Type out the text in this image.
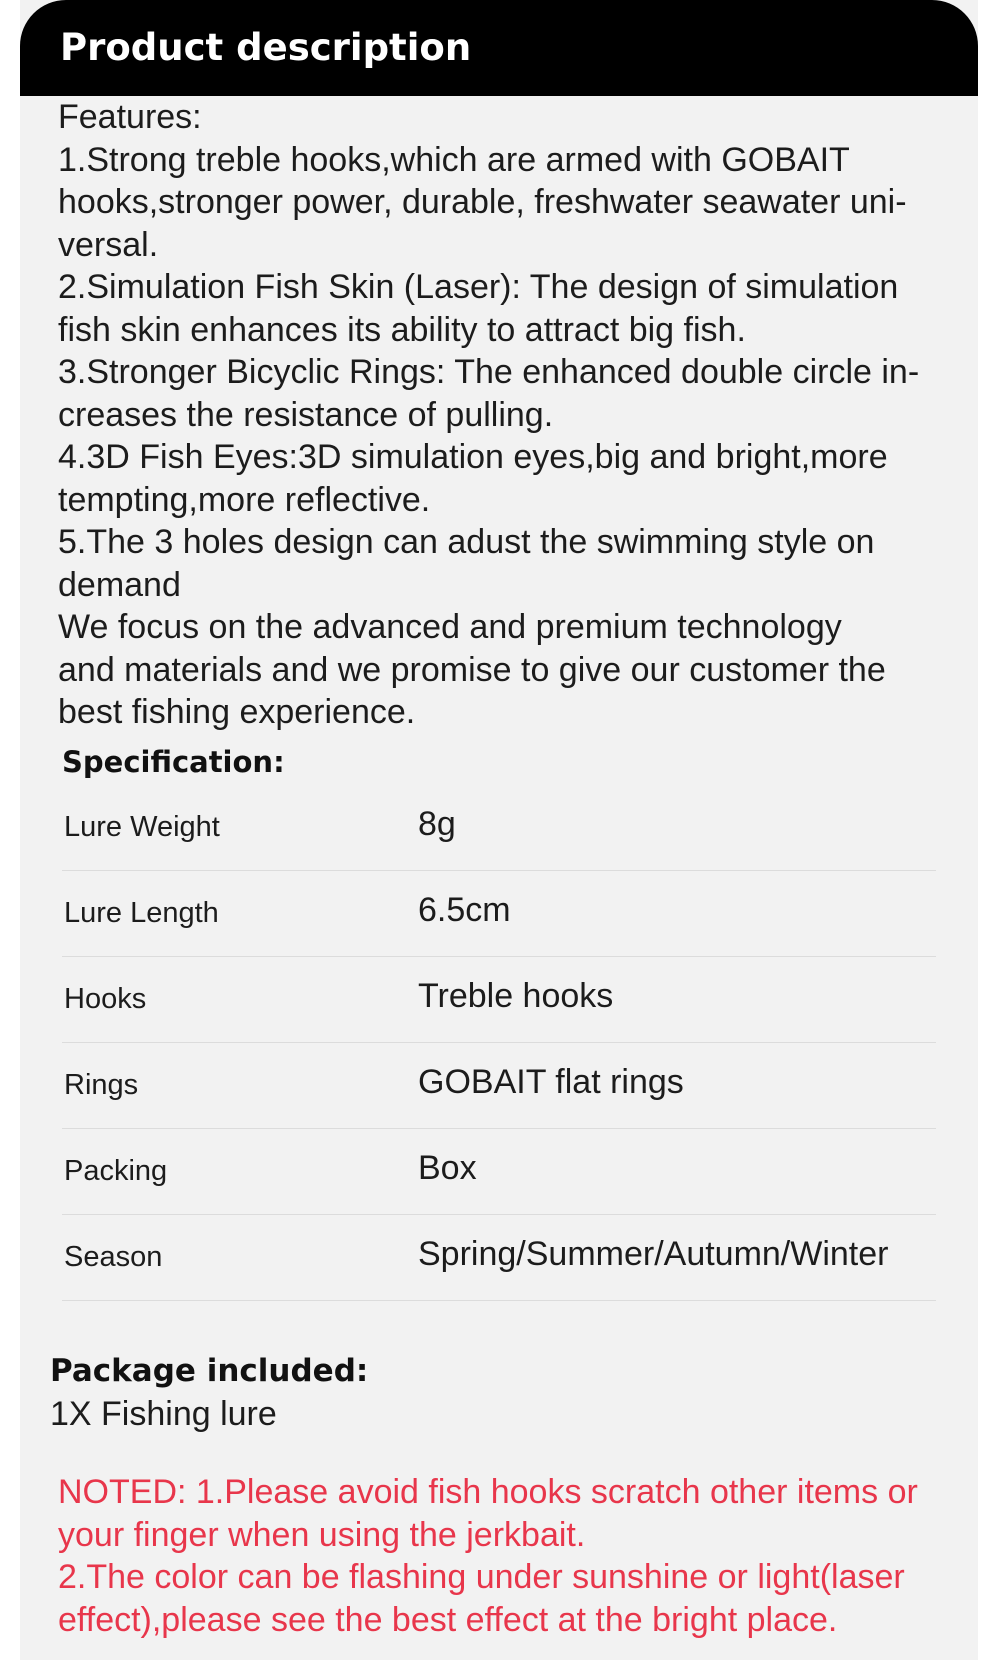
Product description
Features:
1.Strong treble hooks,which are armed with GOBAIT
hooks,stronger power, durable, freshwater seawater uni-
versal.
2.Simulation Fish Skin (Laser): The design of simulation
fish skin enhances its ability to attract big fish.
3.Stronger Bicyclic Rings: The enhanced double circle in-
creases the resistance of pulling.
4.3D Fish Eyes:3D simulation eyes,big and bright,more
tempting,more reflective.
5.The 3 holes design can adust the swimming style on
demand
We focus on the advanced and premium technology
and materials and we promise to give our customer the
best fishing experience.
Specification:
Lure Weight	8g
Lure Length	6.5cm
Hooks	Treble hooks
Rings	GOBAIT flat rings
Packing	Box
Season	Spring/Summer/Autumn/Winter
Package included:
1X Fishing lure
NOTED: 1.Please avoid fish hooks scratch other items or
your finger when using the jerkbait.
2.The color can be flashing under sunshine or light(laser
effect),please see the best effect at the bright place.
